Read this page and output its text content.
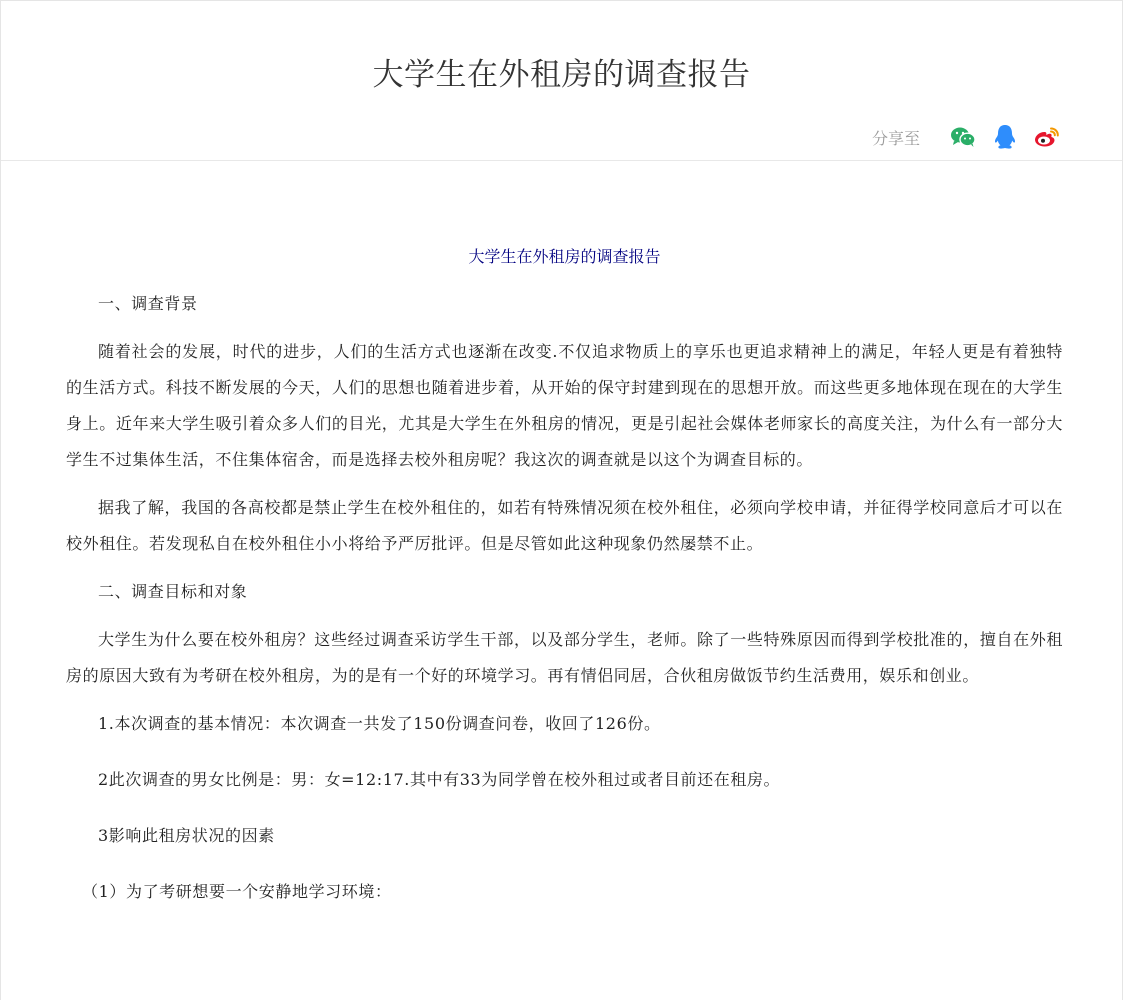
大学生在外租房的调查报告
分享至
大学生在外租房的调查报告

一、调查背景

随着社会的发展，时代的进步，人们的生活方式也逐渐在改变.不仅追求物质上的享乐也更追求精神上的满足，年轻人更是有着独特的生活方式。科技不断发展的今天，人们的思想也随着进步着，从开始的保守封建到现在的思想开放。而这些更多地体现在现在的大学生身上。近年来大学生吸引着众多人们的目光，尤其是大学生在外租房的情况，更是引起社会媒体老师家长的高度关注，为什么有一部分大学生不过集体生活，不住集体宿舍，而是选择去校外租房呢？我这次的调查就是以这个为调查目标的。

据我了解，我国的各高校都是禁止学生在校外租住的，如若有特殊情况须在校外租住，必须向学校申请，并征得学校同意后才可以在校外租住。若发现私自在校外租住小小将给予严厉批评。但是尽管如此这种现象仍然屡禁不止。

二、调查目标和对象

大学生为什么要在校外租房？这些经过调查采访学生干部，以及部分学生，老师。除了一些特殊原因而得到学校批准的，擅自在外租房的原因大致有为考研在校外租房，为的是有一个好的环境学习。再有情侣同居，合伙租房做饭节约生活费用，娱乐和创业。

1.本次调查的基本情况：本次调查一共发了150份调查问卷，收回了126份。

2此次调查的男女比例是：男：女=12:17.其中有33为同学曾在校外租过或者目前还在租房。

3影响此租房状况的因素

（1）为了考研想要一个安静地学习环境：
